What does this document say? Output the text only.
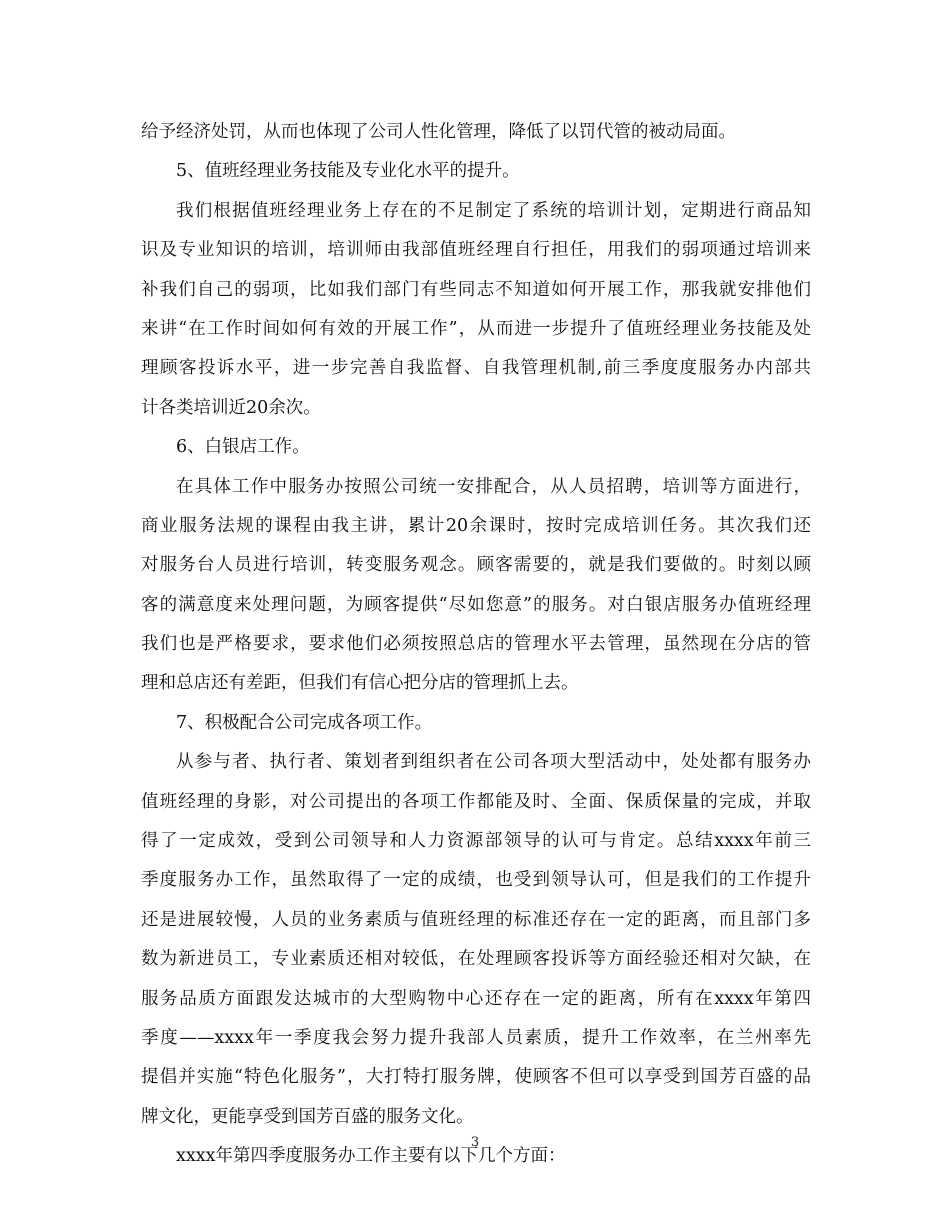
给予经济处罚，从而也体现了公司人性化管理，降低了以罚代管的被动局面。
5、值班经理业务技能及专业化水平的提升。
我们根据值班经理业务上存在的不足制定了系统的培训计划，定期进行商品知
识及专业知识的培训，培训师由我部值班经理自行担任，用我们的弱项通过培训来
补我们自己的弱项，比如我们部门有些同志不知道如何开展工作，那我就安排他们
来讲“在工作时间如何有效的开展工作”，从而进一步提升了值班经理业务技能及处
理顾客投诉水平，进一步完善自我监督、自我管理机制,前三季度度服务办内部共
计各类培训近20余次。
6、白银店工作。
在具体工作中服务办按照公司统一安排配合，从人员招聘，培训等方面进行，
商业服务法规的课程由我主讲，累计20余课时，按时完成培训任务。其次我们还
对服务台人员进行培训，转变服务观念。顾客需要的，就是我们要做的。时刻以顾
客的满意度来处理问题，为顾客提供“尽如您意”的服务。对白银店服务办值班经理
我们也是严格要求，要求他们必须按照总店的管理水平去管理，虽然现在分店的管
理和总店还有差距，但我们有信心把分店的管理抓上去。
7、积极配合公司完成各项工作。
从参与者、执行者、策划者到组织者在公司各项大型活动中，处处都有服务办
值班经理的身影，对公司提出的各项工作都能及时、全面、保质保量的完成，并取
得了一定成效，受到公司领导和人力资源部领导的认可与肯定。总结xxxx年前三
季度服务办工作，虽然取得了一定的成绩，也受到领导认可，但是我们的工作提升
还是进展较慢，人员的业务素质与值班经理的标准还存在一定的距离，而且部门多
数为新进员工，专业素质还相对较低，在处理顾客投诉等方面经验还相对欠缺，在
服务品质方面跟发达城市的大型购物中心还存在一定的距离，所有在xxxx年第四
季度——xxxx年一季度我会努力提升我部人员素质，提升工作效率，在兰州率先
提倡并实施“特色化服务”，大打特打服务牌，使顾客不但可以享受到国芳百盛的品
牌文化，更能享受到国芳百盛的服务文化。
xxxx年第四季度服务办工作主要有以下几个方面：
3
